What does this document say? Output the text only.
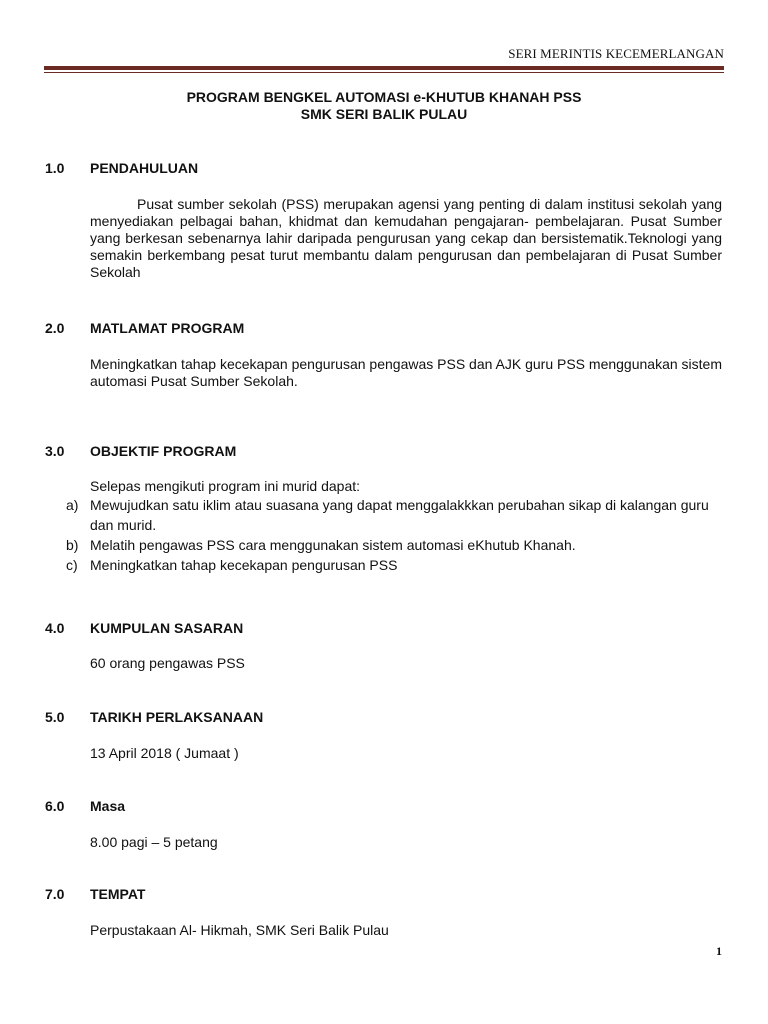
SERI MERINTIS KECEMERLANGAN
PROGRAM BENGKEL AUTOMASI e-KHUTUB KHANAH PSS
SMK SERI BALIK PULAU
1.0 PENDAHULUAN
Pusat sumber sekolah (PSS) merupakan agensi yang penting di dalam institusi sekolah yang menyediakan pelbagai bahan, khidmat dan kemudahan pengajaran- pembelajaran. Pusat Sumber yang berkesan sebenarnya lahir daripada pengurusan yang cekap dan bersistematik.Teknologi yang semakin berkembang pesat turut membantu dalam pengurusan dan pembelajaran di Pusat Sumber Sekolah
2.0 MATLAMAT PROGRAM
Meningkatkan tahap kecekapan pengurusan pengawas PSS dan AJK guru PSS menggunakan sistem automasi Pusat Sumber Sekolah.
3.0 OBJEKTIF PROGRAM
Selepas mengikuti program ini murid dapat:
a) Mewujudkan satu iklim atau suasana yang dapat menggalakkkan perubahan sikap di kalangan guru dan murid.
b) Melatih pengawas PSS cara menggunakan sistem automasi eKhutub Khanah.
c) Meningkatkan tahap kecekapan pengurusan PSS
4.0 KUMPULAN SASARAN
60 orang pengawas PSS
5.0 TARIKH PERLAKSANAAN
13 April 2018 ( Jumaat )
6.0 Masa
8.00 pagi – 5 petang
7.0 TEMPAT
Perpustakaan Al- Hikmah, SMK Seri Balik Pulau
1
